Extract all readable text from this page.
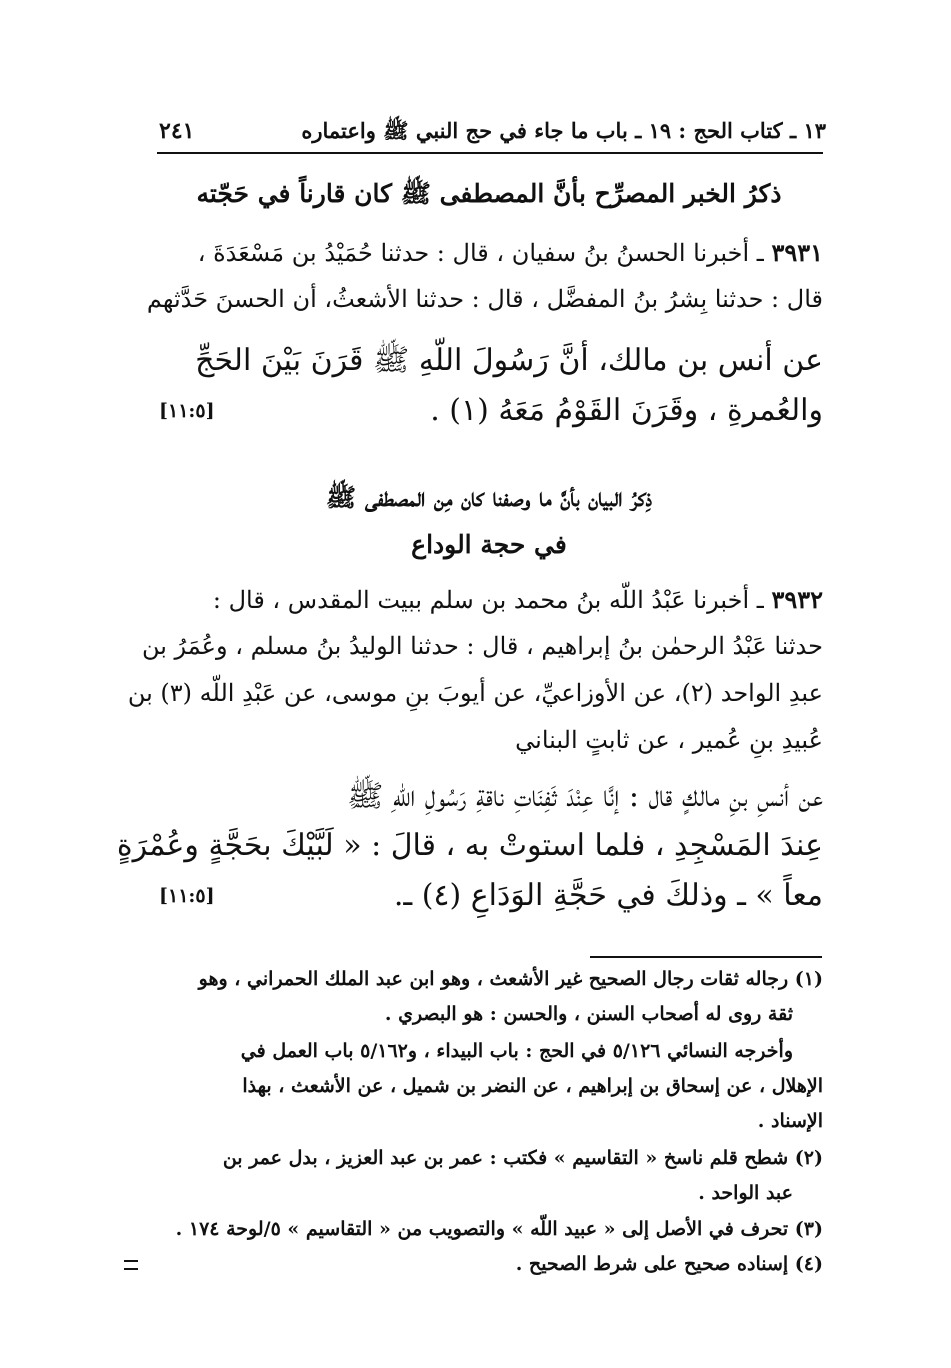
١٣ ـ كتاب الحج : ١٩ ـ باب ما جاء في حج النبي ﷺ واعتماره
٢٤١
ذكرُ الخبر المصرِّح بأنَّ المصطفى ﷺ كان قارناً في حَجّته
٣٩٣١ ـ أخبرنا الحسنُ بنُ سفيان ، قال : حدثنا حُمَيْدُ بن مَسْعَدَةَ ،
قال : حدثنا بِشرُ بنُ المفضَّل ، قال : حدثنا الأشعثُ، أن الحسنَ حَدَّثهم
عن أنس بن مالك، أنَّ رَسُولَ اللّهِ ﷺ قَرَنَ بَيْنَ الحَجِّ
والعُمرةِ ، وقَرَنَ القَوْمُ مَعَهُ (١) .
[١١:٥]
ذِكرُ البيان بأنَّ ما وصفنا كان مِن المصطفى ﷺ
في حجة الوداع
٣٩٣٢ ـ أخبرنا عَبْدُ اللّه بنُ محمد بن سلم ببيت المقدس ، قال :
حدثنا عَبْدُ الرحمٰن بنُ إبراهيم ، قال : حدثنا الوليدُ بنُ مسلم ، وعُمَرُ بن
عبدِ الواحد (٢)، عن الأوزاعيِّ، عن أيوبَ بنِ موسى، عن عَبْدِ اللّه (٣) بن
عُبيدِ بنِ عُمير ، عن ثابتٍ البناني
عن أنسِ بنِ مالكٍ قال : إنَّا عِنْدَ ثَفِنَاتِ ناقةِ رَسُولِ اللّهِ ﷺ
عِندَ المَسْجِدِ ، فلما استوتْ به ، قالَ : « لَبَّيْكَ بحَجَّةٍ وعُمْرَةٍ
معاً » ـ وذلكَ في حَجَّةِ الوَدَاعِ (٤) ـ.
[١١:٥]
(١) رجاله ثقات رجال الصحيح غير الأشعث ، وهو ابن عبد الملك الحمراني ، وهو
ثقة روى له أصحاب السنن ، والحسن : هو البصري .
وأخرجه النسائي ٥/١٢٦ في الحج : باب البيداء ، و٥/١٦٢ باب العمل في
الإهلال ، عن إسحاق بن إبراهيم ، عن النضر بن شميل ، عن الأشعث ، بهذا
الإسناد .
(٢) شطح قلم ناسخ « التقاسيم » فكتب : عمر بن عبد العزيز ، بدل عمر بن
عبد الواحد .
(٣) تحرف في الأصل إلى « عبيد اللّه » والتصويب من « التقاسيم » ٥/لوحة ١٧٤ .
(٤) إسناده صحيح على شرط الصحيح .
